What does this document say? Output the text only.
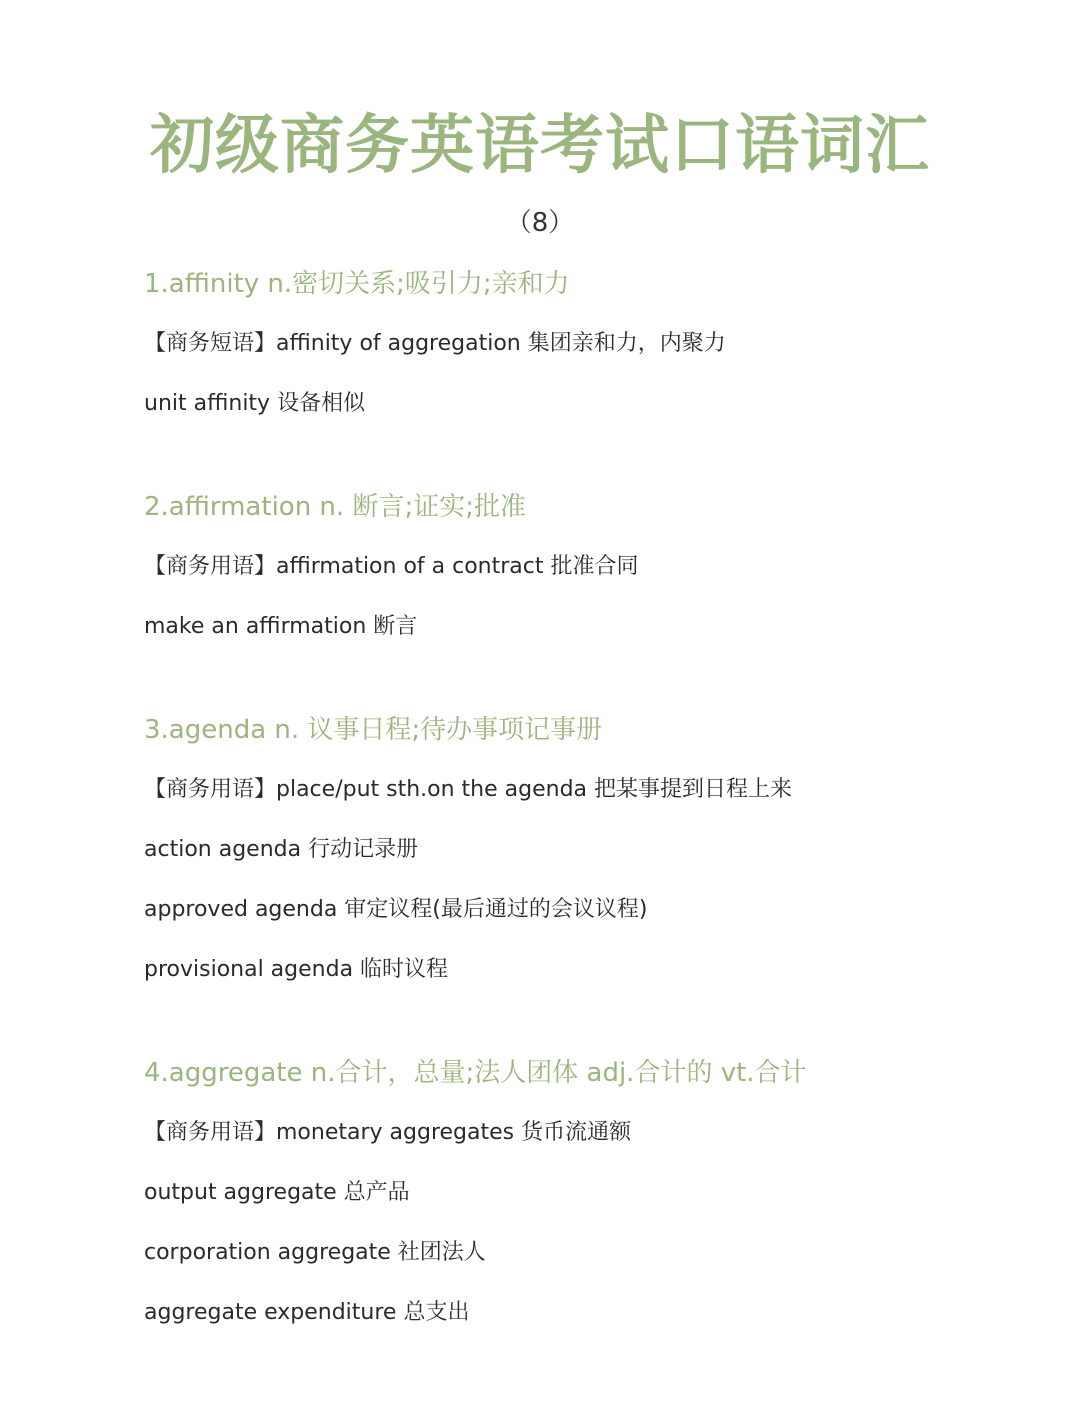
初级商务英语考试口语词汇
（8）
1.affinity n.密切关系;吸引力;亲和力
【商务短语】affinity of aggregation 集团亲和力，内聚力
unit affinity 设备相似
2.affirmation n. 断言;证实;批准
【商务用语】affirmation of a contract 批准合同
make an affirmation 断言
3.agenda n. 议事日程;待办事项记事册
【商务用语】place/put sth.on the agenda 把某事提到日程上来
action agenda 行动记录册
approved agenda 审定议程(最后通过的会议议程)
provisional agenda 临时议程
4.aggregate n.合计，总量;法人团体 adj.合计的 vt.合计
【商务用语】monetary aggregates 货币流通额
output aggregate 总产品
corporation aggregate 社团法人
aggregate expenditure 总支出
